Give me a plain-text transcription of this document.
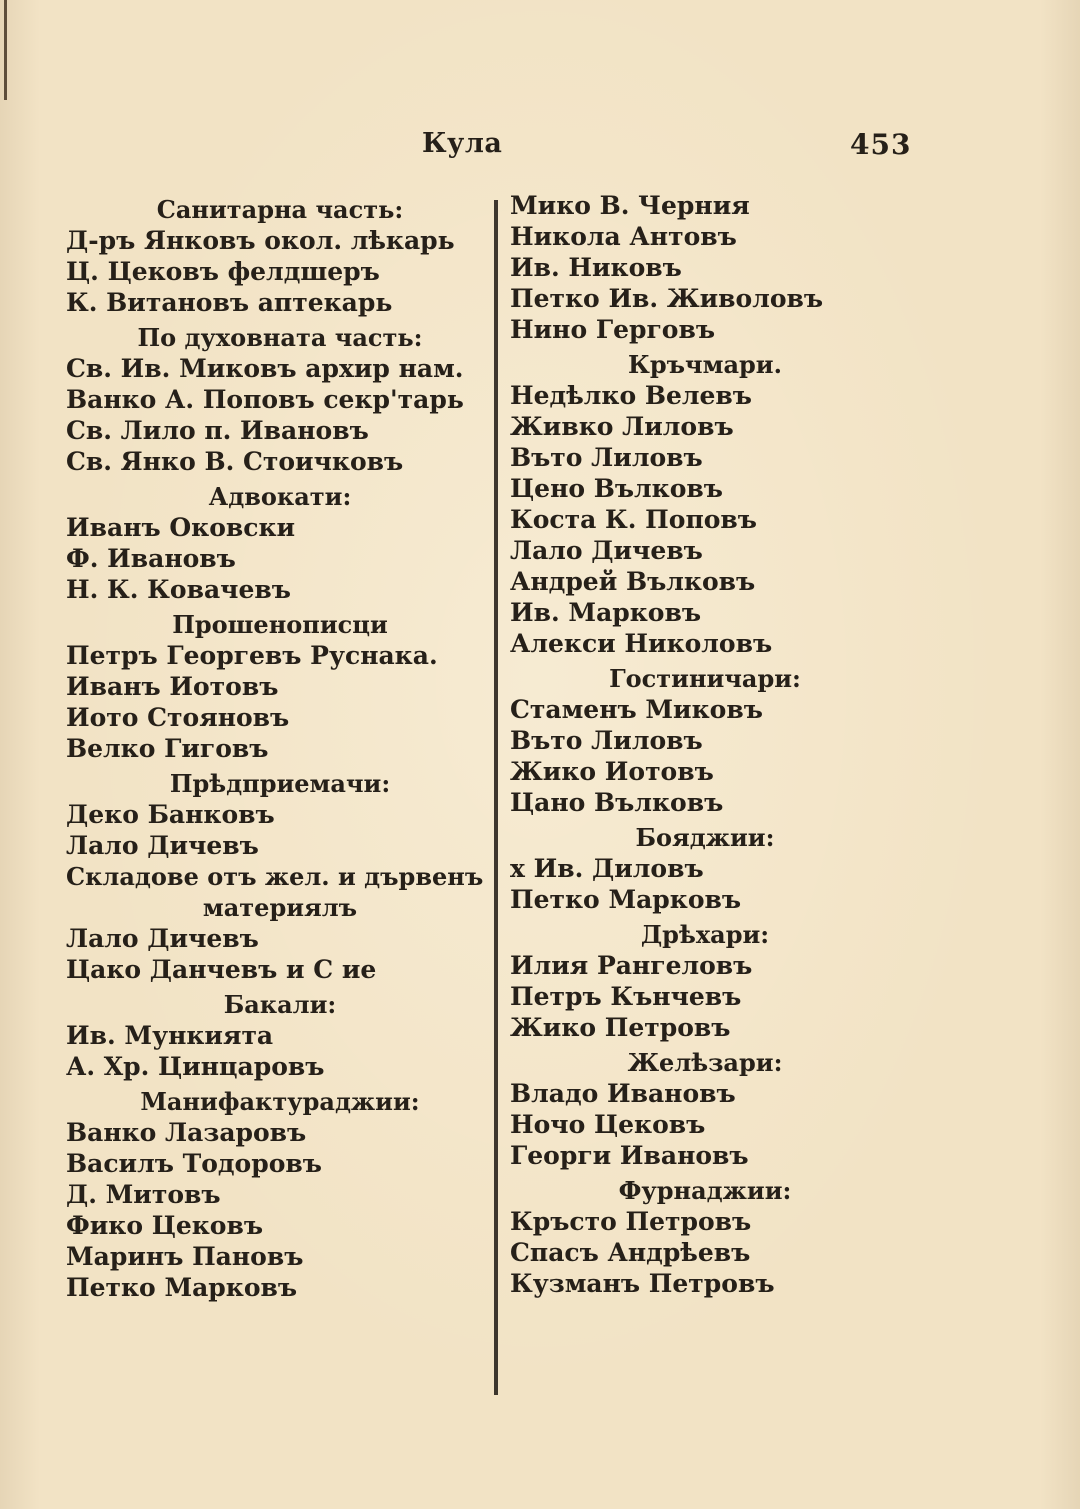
Кула	453
Санитарна часть:
Д-ръ Янковъ окол. лѣкарь
Ц. Цековъ фелдшеръ
К. Витановъ аптекарь
По духовната часть:
Св. Ив. Миковъ архир нам.
Ванко А. Поповъ секр'тарь
Св. Лило п. Ивановъ
Св. Янко В. Стоичковъ
Адвокати:
Иванъ Оковски
Ф. Ивановъ
Н. К. Ковачевъ
Прошенописци
Петръ Георгевъ Руснака.
Иванъ Иотовъ
Иото Стояновъ
Велко Гиговъ
Прѣдприемачи:
Деко Банковъ
Лало Дичевъ
Складове отъ жел. и дървенъ
материялъ
Лало Дичевъ
Цако Данчевъ и С ие
Бакали:
Ив. Мункията
А. Хр. Цинцаровъ
Манифактураджии:
Ванко Лазаровъ
Василъ Тодоровъ
Д. Митовъ
Фико Цековъ
Маринъ Пановъ
Петко Марковъ
Мико В. Черния
Никола Антовъ
Ив. Никовъ
Петко Ив. Живоловъ
Нино Герговъ
Кръчмари.
Недѣлко Велевъ
Живко Лиловъ
Въто Лиловъ
Цено Вълковъ
Коста К. Поповъ
Лало Дичевъ
Андрей Вълковъ
Ив. Марковъ
Алекси Николовъ
Гостиничари:
Стаменъ Миковъ
Въто Лиловъ
Жико Иотовъ
Цано Вълковъ
Бояджии:
х Ив. Диловъ
Петко Марковъ
Дрѣхари:
Илия Рангеловъ
Петръ Кънчевъ
Жико Петровъ
Желѣзари:
Владо Ивановъ
Ночо Цековъ
Георги Ивановъ
Фурнаджии:
Кръсто Петровъ
Спасъ Андрѣевъ
Кузманъ Петровъ
